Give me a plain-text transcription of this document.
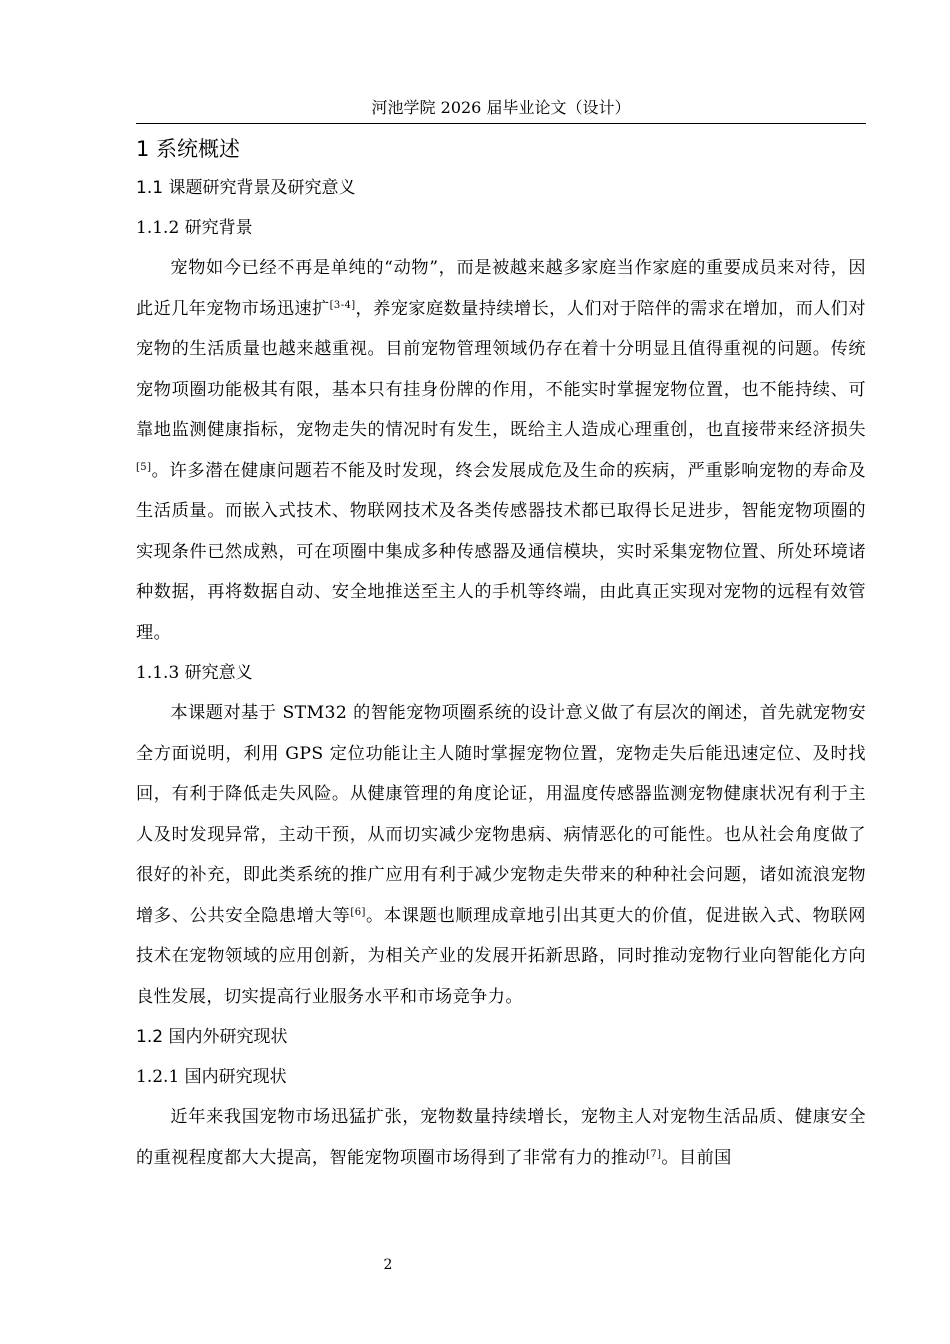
河池学院 2026 届毕业论文（设计）
1 系统概述
1.1 课题研究背景及研究意义
1.1.2 研究背景

宠物如今已经不再是单纯的“动物”，而是被越来越多家庭当作家庭的重要成员来对待，因此近几年宠物市场迅速扩[3-4]，养宠家庭数量持续增长，人们对于陪伴的需求在增加，而人们对宠物的生活质量也越来越重视。目前宠物管理领域仍存在着十分明显且值得重视的问题。传统宠物项圈功能极其有限，基本只有挂身份牌的作用，不能实时掌握宠物位置，也不能持续、可靠地监测健康指标，宠物走失的情况时有发生，既给主人造成心理重创，也直接带来经济损失[5]。许多潜在健康问题若不能及时发现，终会发展成危及生命的疾病，严重影响宠物的寿命及生活质量。而嵌入式技术、物联网技术及各类传感器技术都已取得长足进步，智能宠物项圈的实现条件已然成熟，可在项圈中集成多种传感器及通信模块，实时采集宠物位置、所处环境诸种数据，再将数据自动、安全地推送至主人的手机等终端，由此真正实现对宠物的远程有效管理。

1.1.3 研究意义

本课题对基于 STM32 的智能宠物项圈系统的设计意义做了有层次的阐述，首先就宠物安全方面说明，利用 GPS 定位功能让主人随时掌握宠物位置，宠物走失后能迅速定位、及时找回，有利于降低走失风险。从健康管理的角度论证，用温度传感器监测宠物健康状况有利于主人及时发现异常，主动干预，从而切实减少宠物患病、病情恶化的可能性。也从社会角度做了很好的补充，即此类系统的推广应用有利于减少宠物走失带来的种种社会问题，诸如流浪宠物增多、公共安全隐患增大等[6]。本课题也顺理成章地引出其更大的价值，促进嵌入式、物联网技术在宠物领域的应用创新，为相关产业的发展开拓新思路，同时推动宠物行业向智能化方向良性发展，切实提高行业服务水平和市场竞争力。

1.2 国内外研究现状
1.2.1 国内研究现状

近年来我国宠物市场迅猛扩张，宠物数量持续增长，宠物主人对宠物生活品质、健康安全的重视程度都大大提高，智能宠物项圈市场得到了非常有力的推动[7]。目前国

2
